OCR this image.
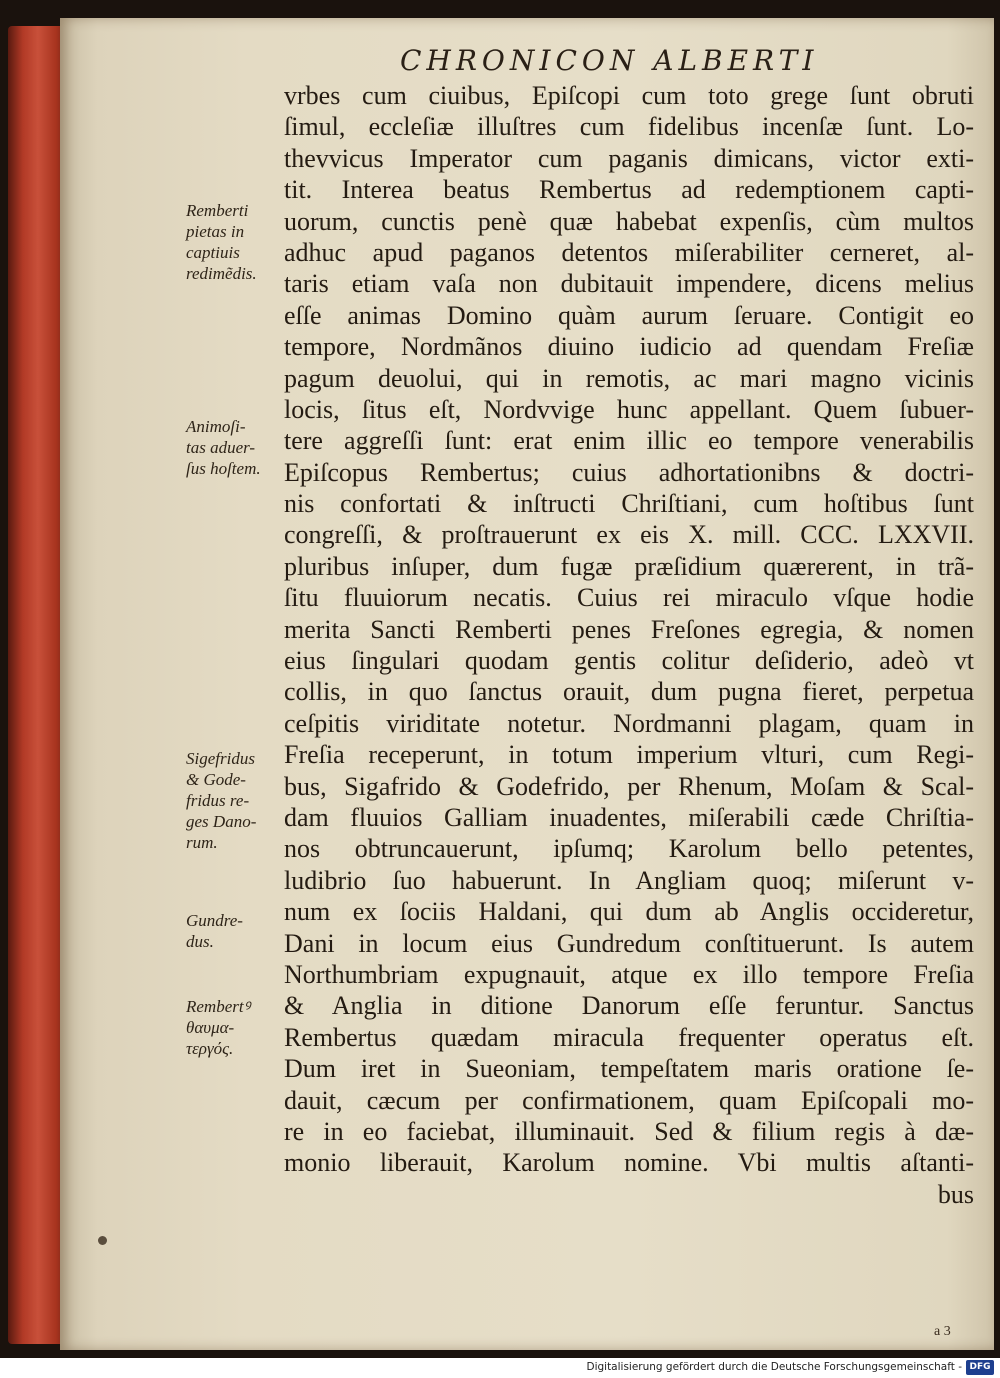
CHRONICON ALBERTI
vrbes cum ciuibus, Epiſcopi cum toto grege ſunt obruti
ſimul, eccleſiæ illuſtres cum fidelibus incenſæ ſunt. Lo-
thevvicus Imperator cum paganis dimicans, victor exti-
tit. Interea beatus Rembertus ad redemptionem capti-
uorum, cunctis penè quæ habebat expenſis, cùm multos
adhuc apud paganos detentos miſerabiliter cerneret, al-
taris etiam vaſa non dubitauit impendere, dicens melius
eſſe animas Domino quàm aurum ſeruare. Contigit eo
tempore, Nordmãnos diuino iudicio ad quendam Freſiæ
pagum deuolui, qui in remotis, ac mari magno vicinis
locis, ſitus eſt, Nordvvige hunc appellant. Quem ſubuer-
tere aggreſſi ſunt: erat enim illic eo tempore venerabilis
Epiſcopus Rembertus; cuius adhortationibns & doctri-
nis confortati & inſtructi Chriſtiani, cum hoſtibus ſunt
congreſſi, & proſtrauerunt ex eis X. mill. CCC. LXXVII.
pluribus inſuper, dum fugæ præſidium quærerent, in trã-
ſitu fluuiorum necatis. Cuius rei miraculo vſque hodie
merita Sancti Remberti penes Freſones egregia, & nomen
eius ſingulari quodam gentis colitur deſiderio, adeò vt
collis, in quo ſanctus orauit, dum pugna fieret, perpetua
ceſpitis viriditate notetur. Nordmanni plagam, quam in
Freſia receperunt, in totum imperium vlturi, cum Regi-
bus, Sigafrido & Godefrido, per Rhenum, Moſam & Scal-
dam fluuios Galliam inuadentes, miſerabili cæde Chriſtia-
nos obtruncauerunt, ipſumq; Karolum bello petentes,
ludibrio ſuo habuerunt. In Angliam quoq; miſerunt v-
num ex ſociis Haldani, qui dum ab Anglis occideretur,
Dani in locum eius Gundredum conſtituerunt. Is autem
Northumbriam expugnauit, atque ex illo tempore Freſia
& Anglia in ditione Danorum eſſe feruntur. Sanctus
Rembertus quædam miracula frequenter operatus eſt.
Dum iret in Sueoniam, tempeſtatem maris oratione ſe-
dauit, cæcum per confirmationem, quam Epiſcopali mo-
re in eo faciebat, illuminauit. Sed & filium regis à dæ-
monio liberauit, Karolum nomine. Vbi multis aſtanti-
bus
Remberti
pietas in
captiuis
redimẽdis.
Animoſi-
tas aduer-
ſus hoſtem.
Sigefridus
& Gode-
fridus re-
ges Dano-
rum.
Gundre-
dus.
Rembertꝰ
θαυμα-
τεργός.
a 3
Digitalisierung gefördert durch die Deutsche Forschungsgemeinschaft - DFG
